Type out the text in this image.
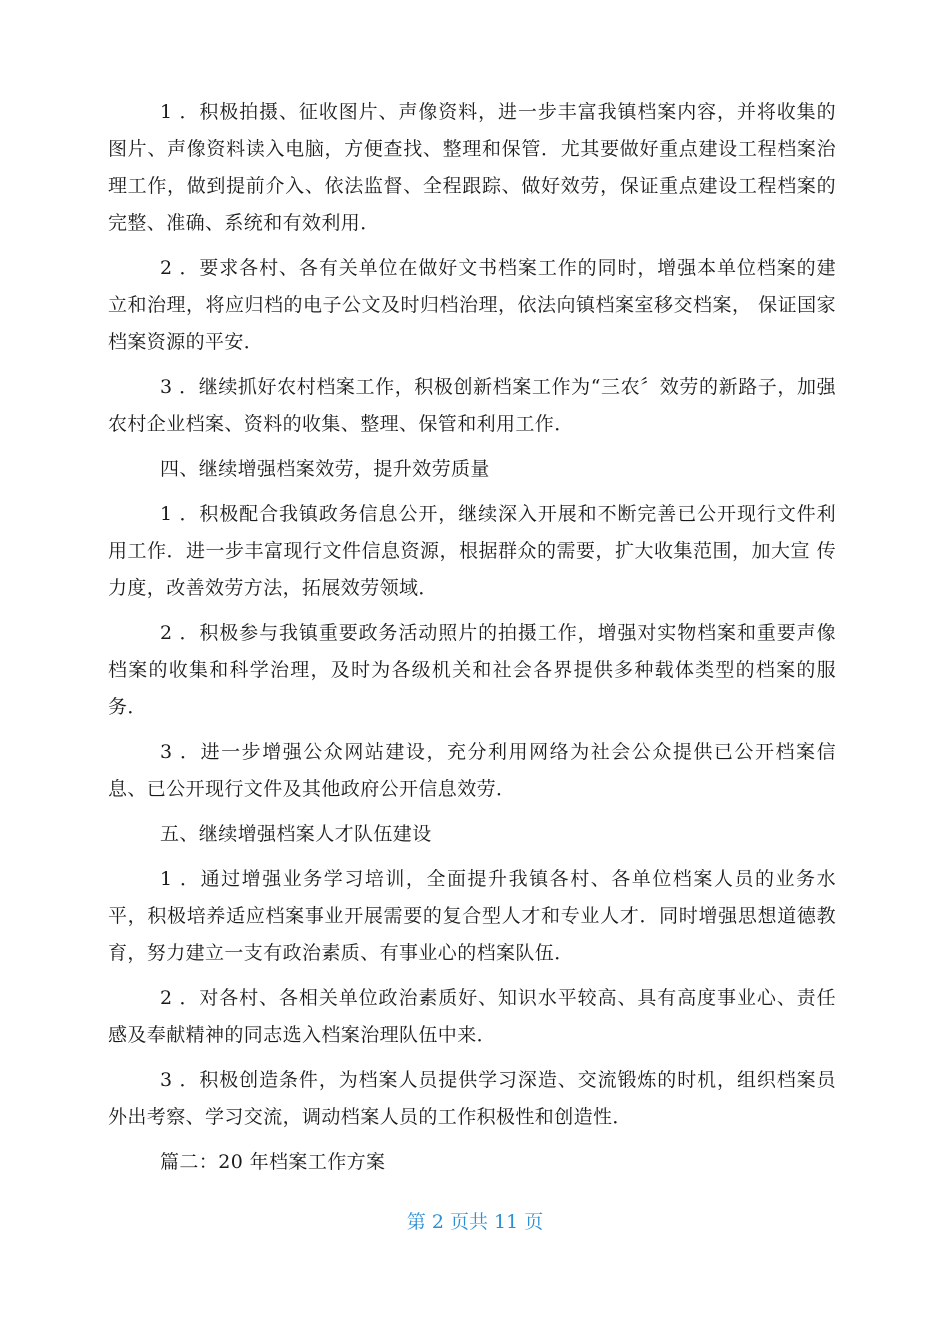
1 ．积极拍摄、征收图片、声像资料，进一步丰富我镇档案内容，并将收集的图片、声像资料读入电脑，方便查找、整理和保管．尤其要做好重点建设工程档案治理工作，做到提前介入、依法监督、全程跟踪、做好效劳，保证重点建设工程档案的完整、准确、系统和有效利用．

2 ．要求各村、各有关单位在做好文书档案工作的同时，增强本单位档案的建立和治理，将应归档的电子公文及时归档治理，依法向镇档案室移交档案， 保证国家档案资源的平安．

3 ．继续抓好农村档案工作，积极创新档案工作为“三农〞效劳的新路子，加强农村企业档案、资料的收集、整理、保管和利用工作．

四、继续增强档案效劳，提升效劳质量

1 ．积极配合我镇政务信息公开，继续深入开展和不断完善已公开现行文件利用工作．进一步丰富现行文件信息资源，根据群众的需要，扩大收集范围，加大宣 传力度，改善效劳方法，拓展效劳领域．

2 ．积极参与我镇重要政务活动照片的拍摄工作，增强对实物档案和重要声像档案的收集和科学治理，及时为各级机关和社会各界提供多种载体类型的档案的服务．

3 ．进一步增强公众网站建设，充分利用网络为社会公众提供已公开档案信息、已公开现行文件及其他政府公开信息效劳．

五、继续增强档案人才队伍建设

1 ．通过增强业务学习培训，全面提升我镇各村、各单位档案人员的业务水平，积极培养适应档案事业开展需要的复合型人才和专业人才．同时增强思想道德教育，努力建立一支有政治素质、有事业心的档案队伍．

2 ．对各村、各相关单位政治素质好、知识水平较高、具有高度事业心、责任 感及奉献精神的同志选入档案治理队伍中来．

3 ．积极创造条件，为档案人员提供学习深造、交流锻炼的时机，组织档案员外出考察、学习交流，调动档案人员的工作积极性和创造性．

篇二：20 年档案工作方案

第 2 页共 11 页
